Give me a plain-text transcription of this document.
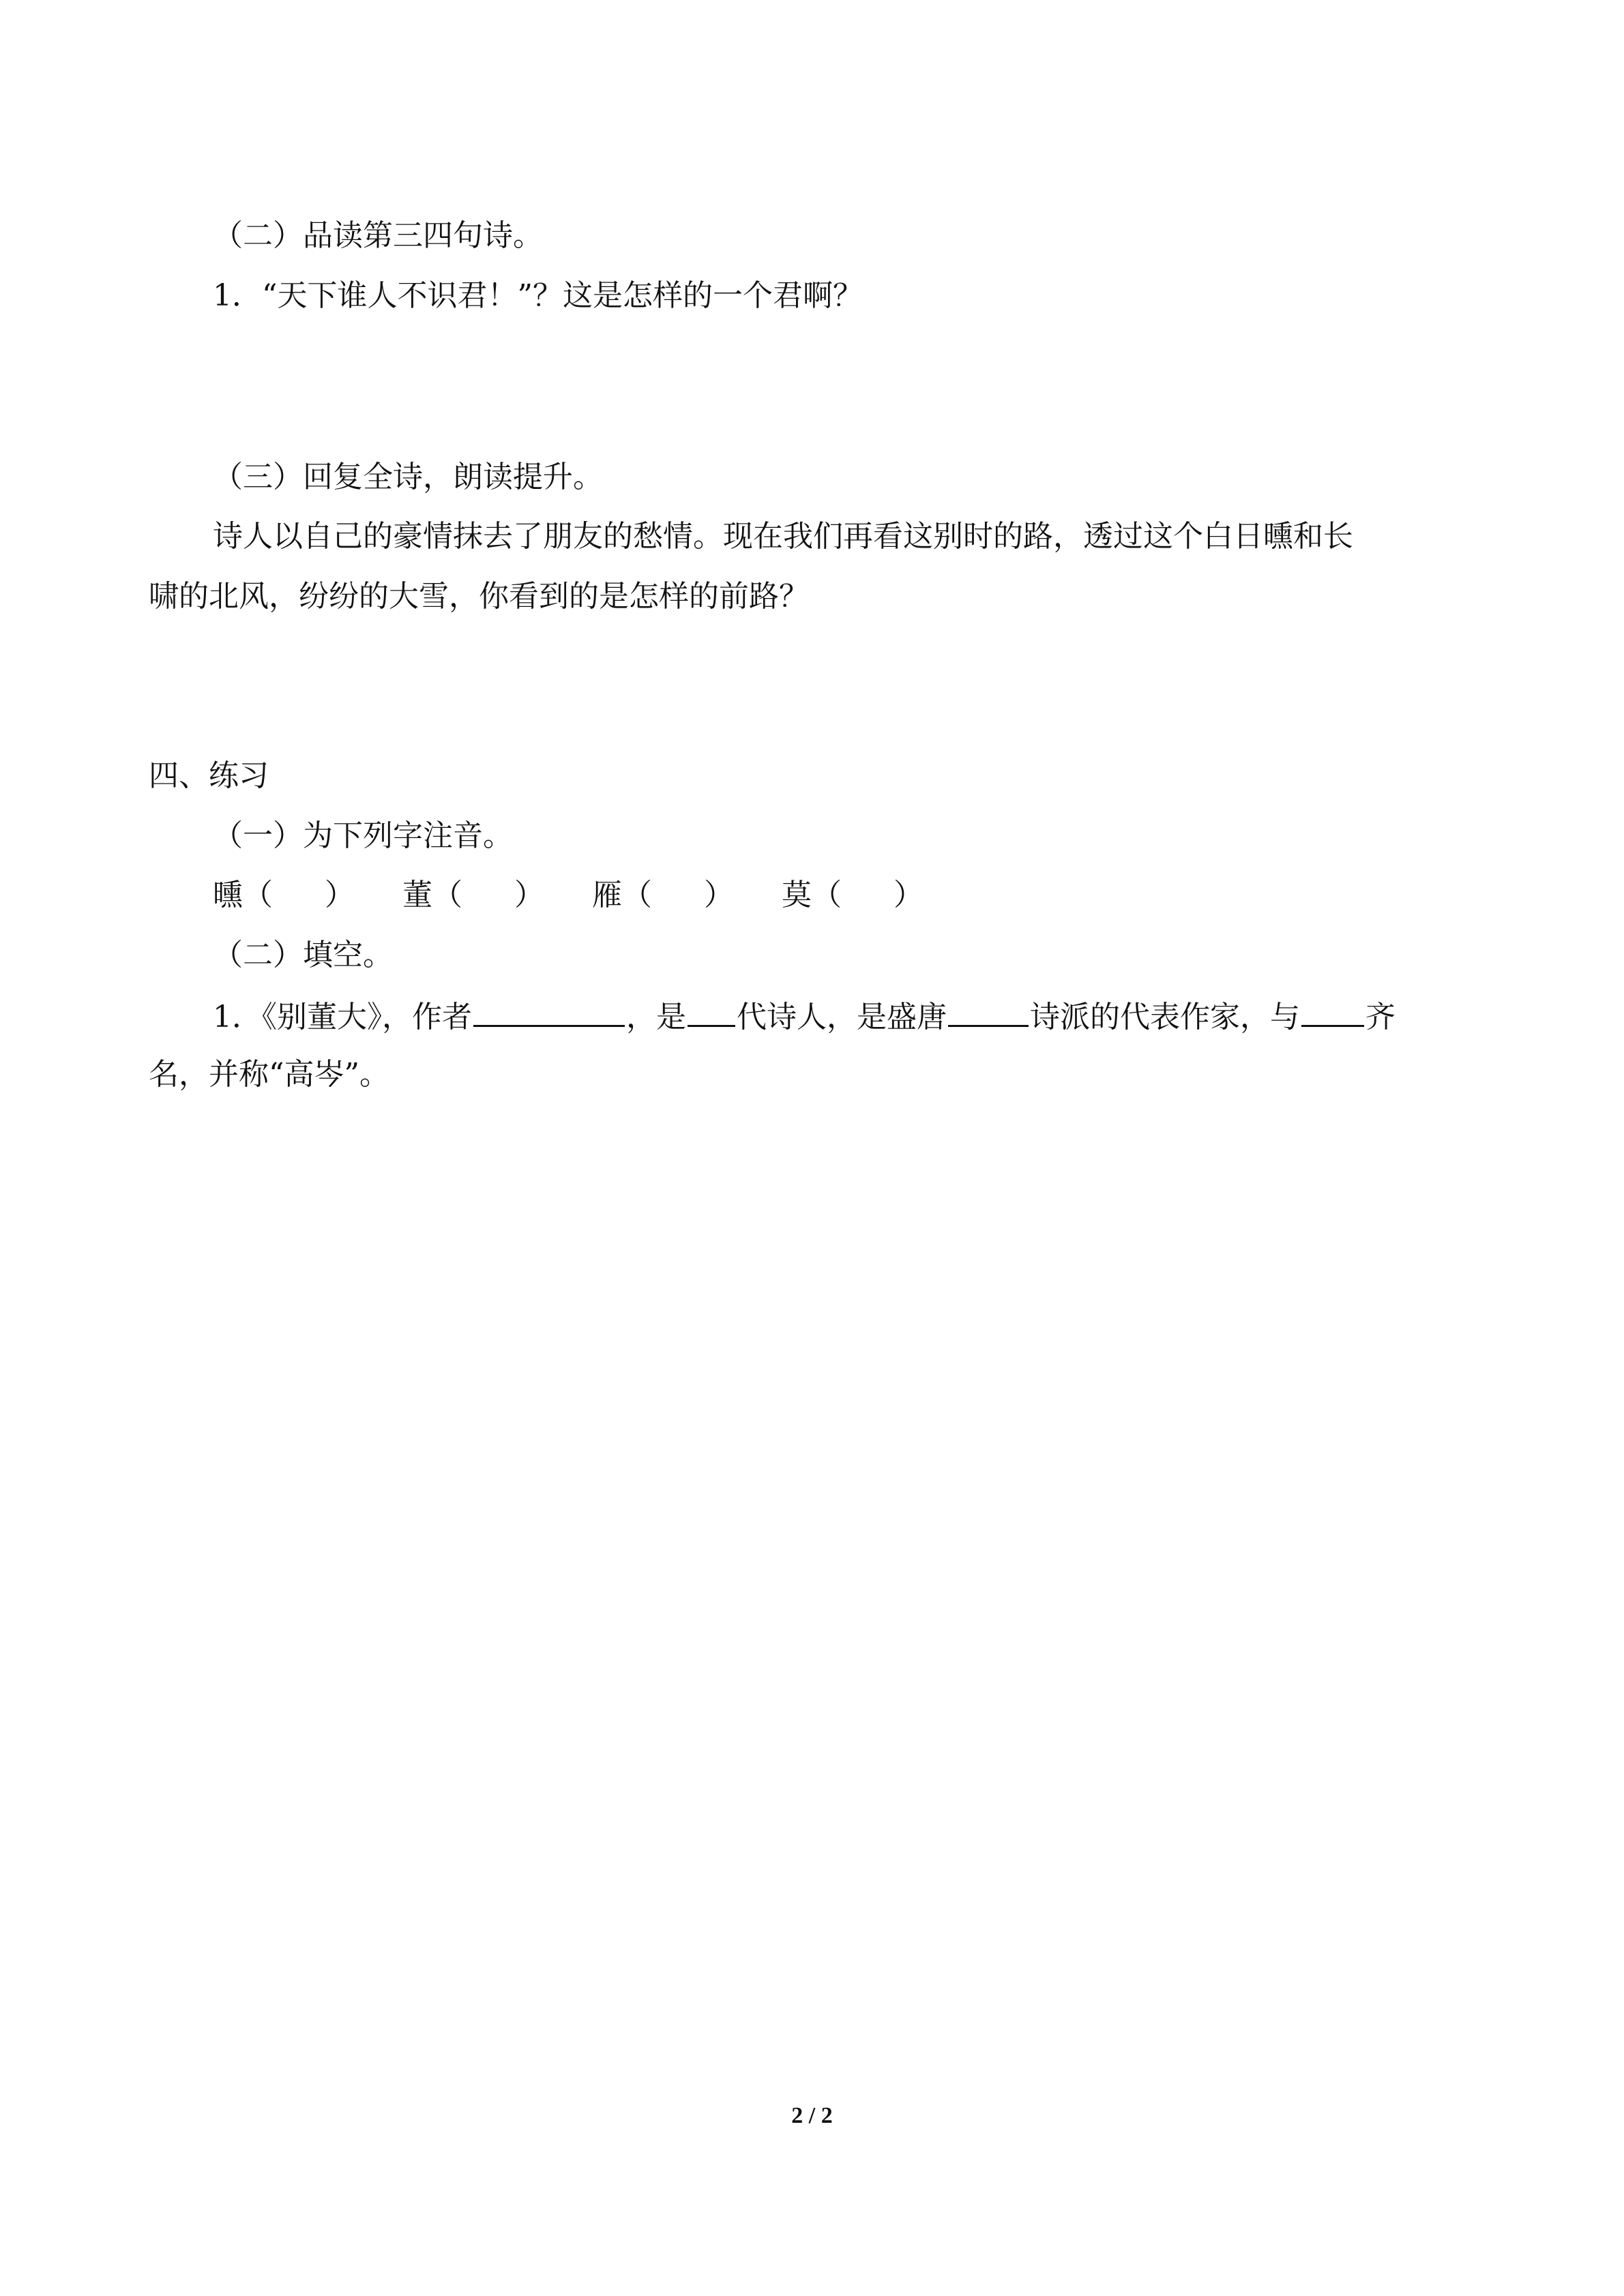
（二）品读第三四句诗。
1．“天下谁人不识君！”？这是怎样的一个君啊？
（三）回复全诗，朗读提升。
诗人以自己的豪情抹去了朋友的愁情。现在我们再看这别时的路，透过这个白日曛和长
啸的北风，纷纷的大雪，你看到的是怎样的前路？
四、练习
（一）为下列字注音。
曛（ ） 董（ ） 雁（ ） 莫（ ）
（二）填空。
1．《别董大》，作者	，是 代诗人，是盛唐	诗派的代表作家，与 齐
名，并称“高岑”。
2 / 2
